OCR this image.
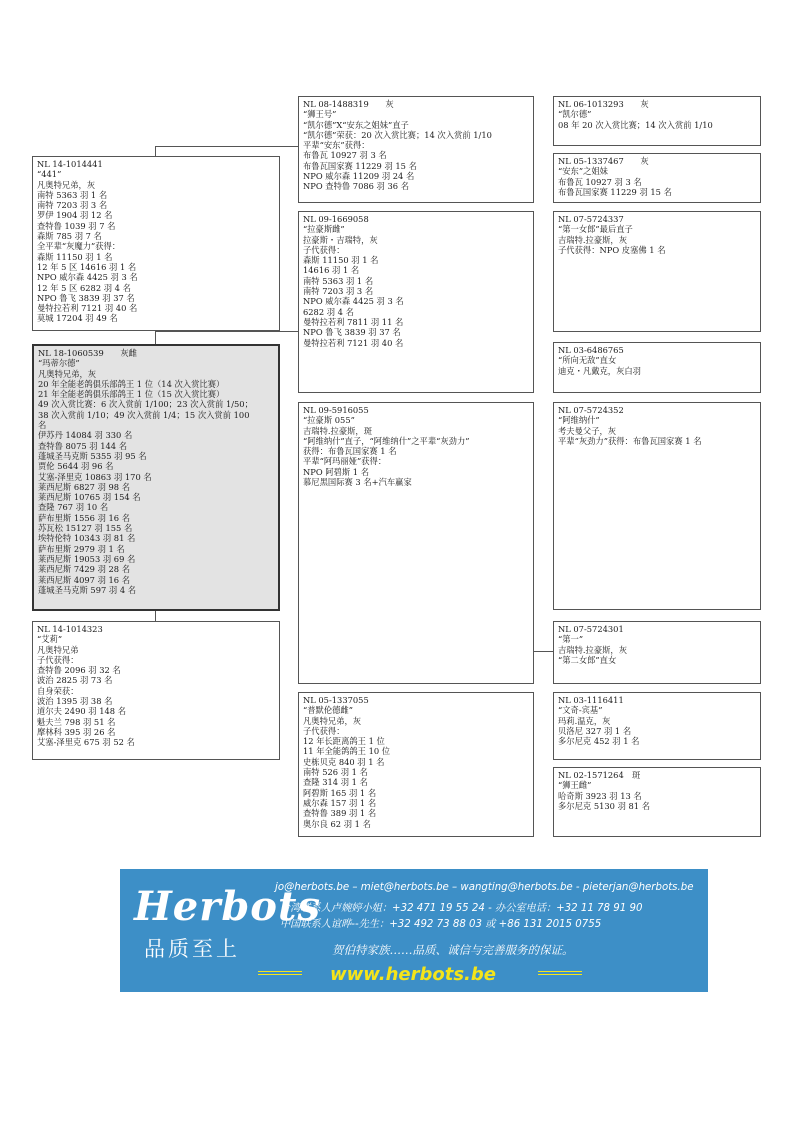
NL 08-1488319　　灰
“狮王号”
“凯尔德”X“安东之姐妹”直子
“凯尔德”荣获：20 次入赏比赛；14 次入赏前 1/10
平辈“安东”获得：
布鲁瓦 10927 羽 3 名
布鲁瓦国家赛 11229 羽 15 名
NPO 威尔森 11209 羽 24 名
NPO 查特鲁 7086 羽 36 名
NL 09-1669058
“拉豪斯雌”
拉豪斯・吉瑞特，灰
子代获得：
森斯 11150 羽 1 名
14616 羽 1 名
南特 5363 羽 1 名
南特 7203 羽 3 名
NPO 威尔森 4425 羽 3 名
6282 羽 4 名
曼特拉若利 7811 羽 11 名
NPO 鲁飞 3839 羽 37 名
曼特拉若利 7121 羽 40 名
NL 09-5916055
“拉豪斯 055”
吉瑞特.拉豪斯，斑
“阿维纳什”直子，“阿维纳什”之平辈“灰劲力”
获得：布鲁瓦国家赛 1 名
平辈“阿玛丽娅”获得：
NPO 阿碧斯 1 名
慕尼黑国际赛 3 名+汽车赢家
NL 05-1337055
“普默伦德雌”
凡奥特兄弟，灰
子代获得：
12 年长距离鸽王 1 位
11 年全能鸽鸽王 10 位
史栋贝克 840 羽 1 名
南特 526 羽 1 名
查隆 314 羽 1 名
阿碧斯 165 羽 1 名
威尔森 157 羽 1 名
查特鲁 389 羽 1 名
奥尔良 62 羽 1 名
NL 06-1013293　　灰
“凯尔德”
08 年 20 次入赏比赛；14 次入赏前 1/10
NL 05-1337467　　灰
“安东”之姐妹
布鲁瓦 10927 羽 3 名
布鲁瓦国家赛 11229 羽 15 名
NL 07-5724337
“第一女郎”最后直子
吉瑞特.拉豪斯，灰
子代获得：NPO 皮塞佛 1 名
NL 03-6486765
“所向无敌”直女
迪克・凡戴克，灰白羽
NL 07-5724352
“阿维纳什”
考夫曼父子，灰
平辈“灰劲力”获得：布鲁瓦国家赛 1 名
NL 07-5724301
“第一”
吉瑞特.拉豪斯，灰
“第二女郎”直女
NL 03-1116411
“文奇-宾基”
玛莉.温克，灰
贝洛尼 327 羽 1 名
多尔尼克 452 羽 1 名
NL 02-1571264　斑
“狮王雌”
哈奇斯 3923 羽 13 名
多尔尼克 5130 羽 81 名
NL 14-1014441
“441”
凡奥特兄弟，灰
南特 5363 羽 1 名
南特 7203 羽 3 名
罗伊 1904 羽 12 名
查特鲁 1039 羽 7 名
森斯 785 羽 7 名
全平辈“灰魔力”获得：
森斯 11150 羽 1 名
12 年 5 区 14616 羽 1 名
NPO 威尔森 4425 羽 3 名
12 年 5 区 6282 羽 4 名
NPO 鲁飞 3839 羽 37 名
曼特拉若利 7121 羽 40 名
莫城 17204 羽 49 名
NL 18-1060539　　灰雌
“玛蒂尔德”
凡奥特兄弟，灰
20 年全能老鸽俱乐部鸽王 1 位（14 次入赏比赛）
21 年全能老鸽俱乐部鸽王 1 位（15 次入赏比赛）
49 次入赏比赛：6 次入赏前 1/100；23 次入赏前 1/50；
38 次入赏前 1/10；49 次入赏前 1/4；15 次入赏前 100
名
伊苏丹 14084 羽 330 名
查特鲁 8075 羽 144 名
蓬城圣马克斯 5355 羽 95 名
贾伦 5644 羽 96 名
艾塞-泽里克 10863 羽 170 名
莱西尼斯 6827 羽 98 名
莱西尼斯 10765 羽 154 名
查隆 767 羽 10 名
萨布里斯 1556 羽 16 名
苏瓦松 15127 羽 155 名
埃特伦特 10343 羽 81 名
萨布里斯 2979 羽 1 名
莱西尼斯 19053 羽 69 名
莱西尼斯 7429 羽 28 名
莱西尼斯 4097 羽 16 名
蓬城圣马克斯 597 羽 4 名
NL 14-1014323
“艾莉”
凡奥特兄弟
子代获得：
查特鲁 2096 羽 32 名
波治 2825 羽 73 名
自身荣获：
波治 1395 羽 38 名
道尔夫 2490 羽 148 名
魁夫兰 798 羽 51 名
摩林科 395 羽 26 名
艾塞-泽里克 675 羽 52 名
Herbots
品质至上
jo@herbots.be – miet@herbots.be – wangting@herbots.be - pieterjan@herbots.be
台湾联系人卢婉婷小姐：+32 471 19 55 24 - 办公室电话：+32 11 78 91 90
中国联系人谊晔--先生：+32 492 73 88 03 或 +86 131 2015 0755
贺伯特家族……品质、诚信与完善服务的保证。
www.herbots.be
